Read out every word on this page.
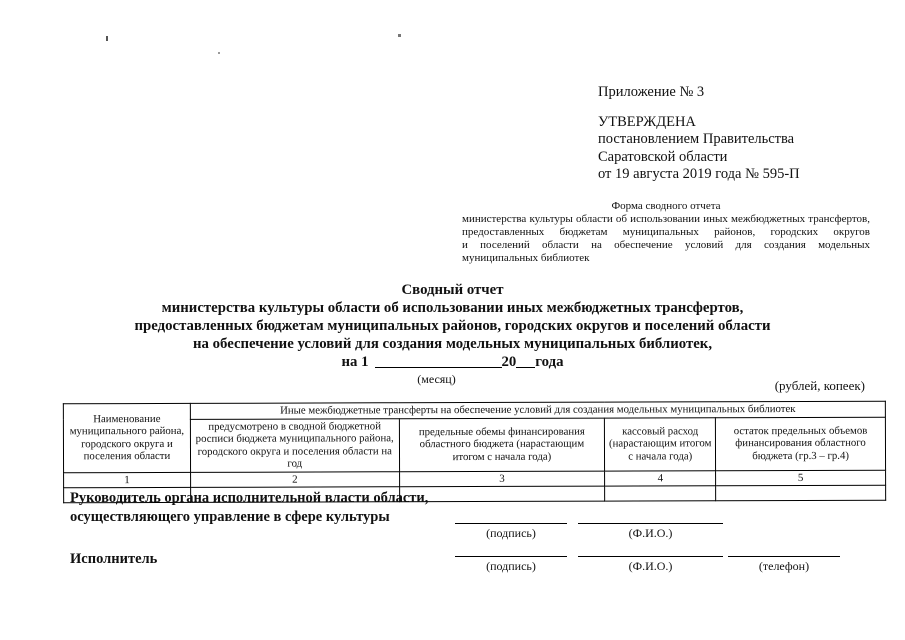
Приложение № 3
УТВЕРЖДЕНА
постановлением Правительства
Саратовской области
от 19 августа 2019 года № 595-П
Форма сводного отчета
министерства культуры области об использовании иных межбюджетных трансфертов,
предоставленных бюджетам муниципальных районов, городских округов
и поселений области на обеспечение условий для создания модельных
муниципальных библиотек
Сводный отчет
министерства культуры области об использовании иных межбюджетных трансфертов,
предоставленных бюджетам муниципальных районов, городских округов и поселений области
на обеспечение условий для создания модельных муниципальных библиотек,
на 1	20 года
(месяц)	(рублей, копеек)
Наименование муниципального района, городского округа и поселения области	Иные межбюджетные трансферты на обеспечение условий для создания модельных муниципальных библиотек			
	предусмотрено в сводной бюджетной росписи бюджета муниципального района, городского округа и поселения области на год	предельные обемы финансирования областного бюджета (нарастающим итогом с начала года)	кассовый расход (нарастающим итогом с начала года)	остаток предельных объемов финансирования областного бюджета (гр.3 – гр.4)
1	2	3	4	5

Руководитель органа исполнительной власти области,
осуществляющего управление в сфере культуры
Исполнитель
(подпись)	(Ф.И.О.)
(подпись)	(Ф.И.О.)	(телефон)
